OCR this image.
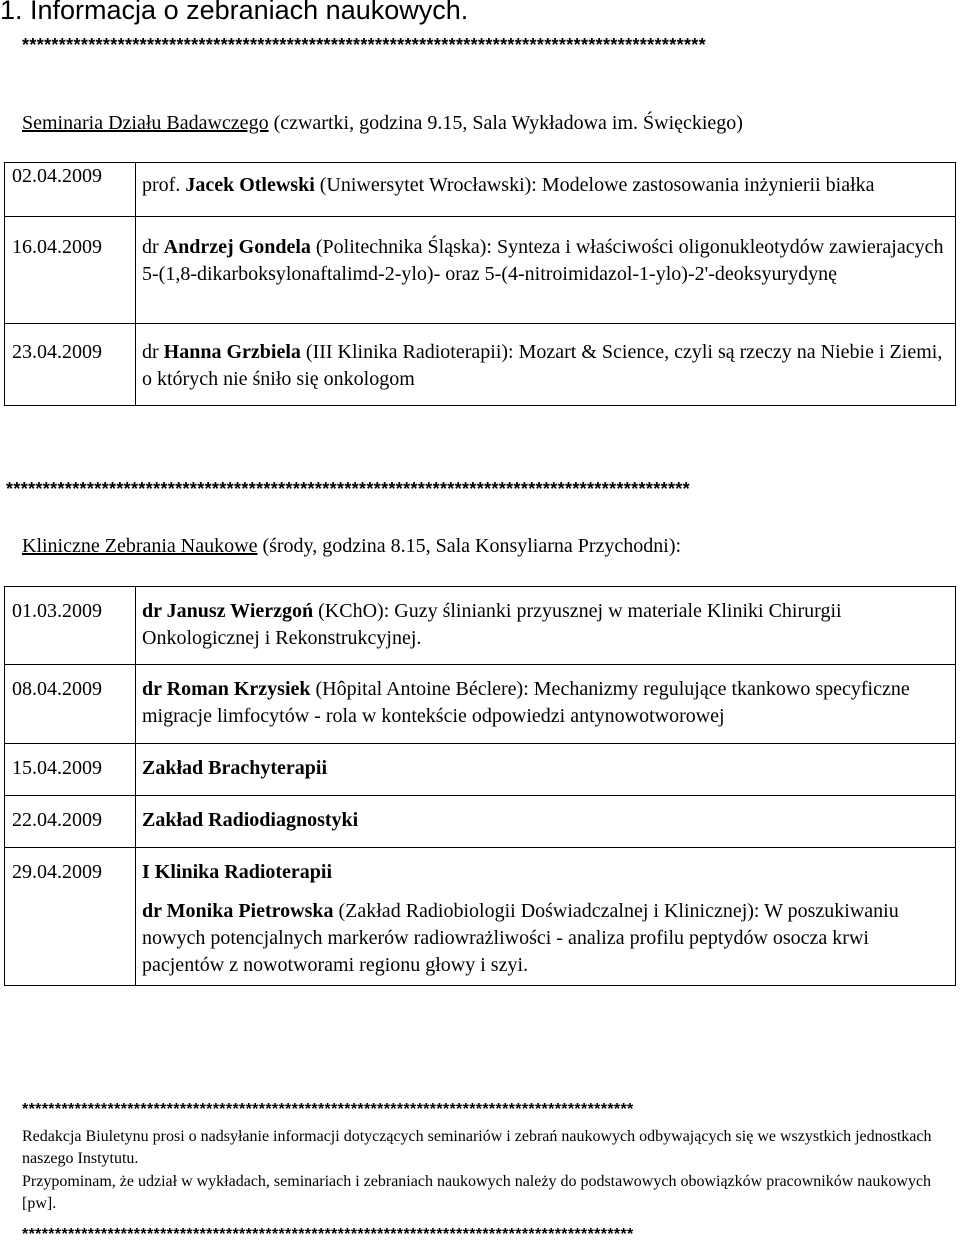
1. Informacja o zebraniach naukowych.
*********************************************************************************************
Seminaria Działu Badawczego (czwartki, godzina 9.15, Sala Wykładowa im. Święckiego)
02.04.2009	prof. Jacek Otlewski (Uniwersytet Wrocławski): Modelowe zastosowania inżynierii białka
16.04.2009	dr Andrzej Gondela (Politechnika Śląska): Synteza i właściwości oligonukleotydów zawierajacych 5-(1,8-dikarboksylonaftalimd-2-ylo)- oraz 5-(4-nitroimidazol-1-ylo)-2'-deoksyurydynę
23.04.2009	dr Hanna Grzbiela (III Klinika Radioterapii): Mozart & Science, czyli są rzeczy na Niebie i Ziemi, o których nie śniło się onkologom
*********************************************************************************************
Kliniczne Zebrania Naukowe (środy, godzina 8.15, Sala Konsyliarna Przychodni):
01.03.2009	dr Janusz Wierzgoń (KChO): Guzy ślinianki przyusznej w materiale Kliniki Chirurgii Onkologicznej i Rekonstrukcyjnej.
08.04.2009	dr Roman Krzysiek (Hôpital Antoine Béclere): Mechanizmy regulujące tkankowo specyficzne migracje limfocytów - rola w kontekście odpowiedzi antynowotworowej
15.04.2009	Zakład Brachyterapii
22.04.2009	Zakład Radiodiagnostyki
29.04.2009	I Klinika Radioterapii
dr Monika Pietrowska (Zakład Radiobiologii Doświadczalnej i Klinicznej): W poszukiwaniu nowych potencjalnych markerów radiowrażliwości - analiza profilu peptydów osocza krwi pacjentów z nowotworami regionu głowy i szyi.
*********************************************************************************************
Redakcja Biuletynu prosi o nadsyłanie informacji dotyczących seminariów i zebrań naukowych odbywających się we wszystkich jednostkach naszego Instytutu.
Przypominam, że udział w wykładach, seminariach i zebraniach naukowych należy do podstawowych obowiązków pracowników naukowych [pw].
*********************************************************************************************
